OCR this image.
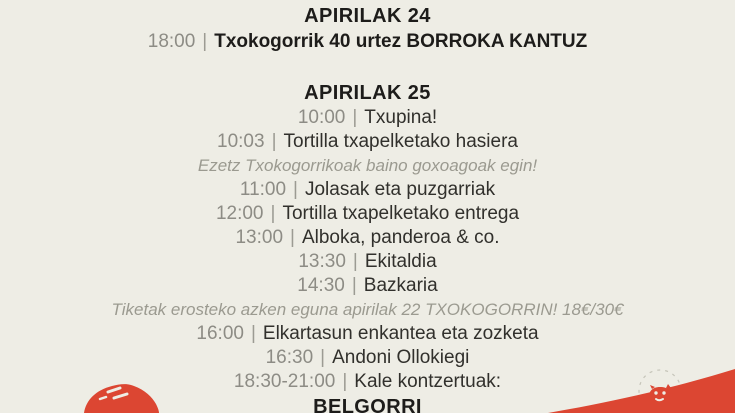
APIRILAK 24
18:00 | Txokogorrik 40 urtez BORROKA KANTUZ
APIRILAK 25
10:00 | Txupina!
10:03 | Tortilla txapelketako hasiera
Ezetz Txokogorrikoak baino goxoagoak egin!
11:00 | Jolasak eta puzgarriak
12:00 | Tortilla txapelketako entrega
13:00 | Alboka, panderoa & co.
13:30 | Ekitaldia
14:30 | Bazkaria
Tiketak erosteko azken eguna apirilak 22 TXOKOGORRIN! 18€/30€
16:00 | Elkartasun enkantea eta zozketa
16:30 | Andoni Ollokiegi
18:30-21:00 | Kale kontzertuak:
BELGORRI
